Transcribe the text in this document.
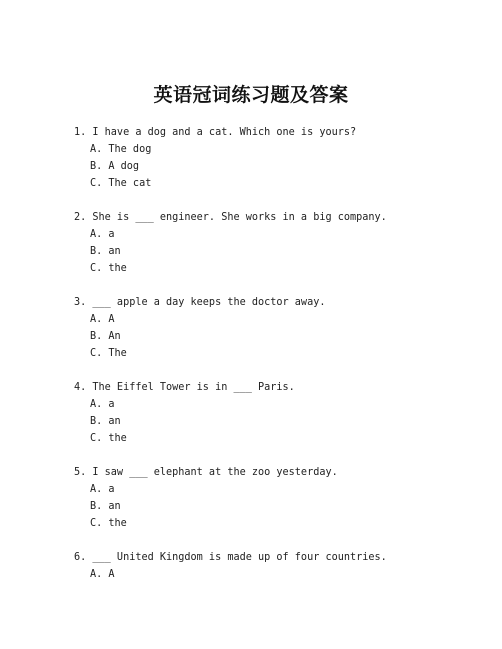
英语冠词练习题及答案
1. I have a dog and a cat. Which one is yours?
A. The dog
B. A dog
C. The cat
2. She is ___ engineer. She works in a big company.
A. a
B. an
C. the
3. ___ apple a day keeps the doctor away.
A. A
B. An
C. The
4. The Eiffel Tower is in ___ Paris.
A. a
B. an
C. the
5. I saw ___ elephant at the zoo yesterday.
A. a
B. an
C. the
6. ___ United Kingdom is made up of four countries.
A. A
